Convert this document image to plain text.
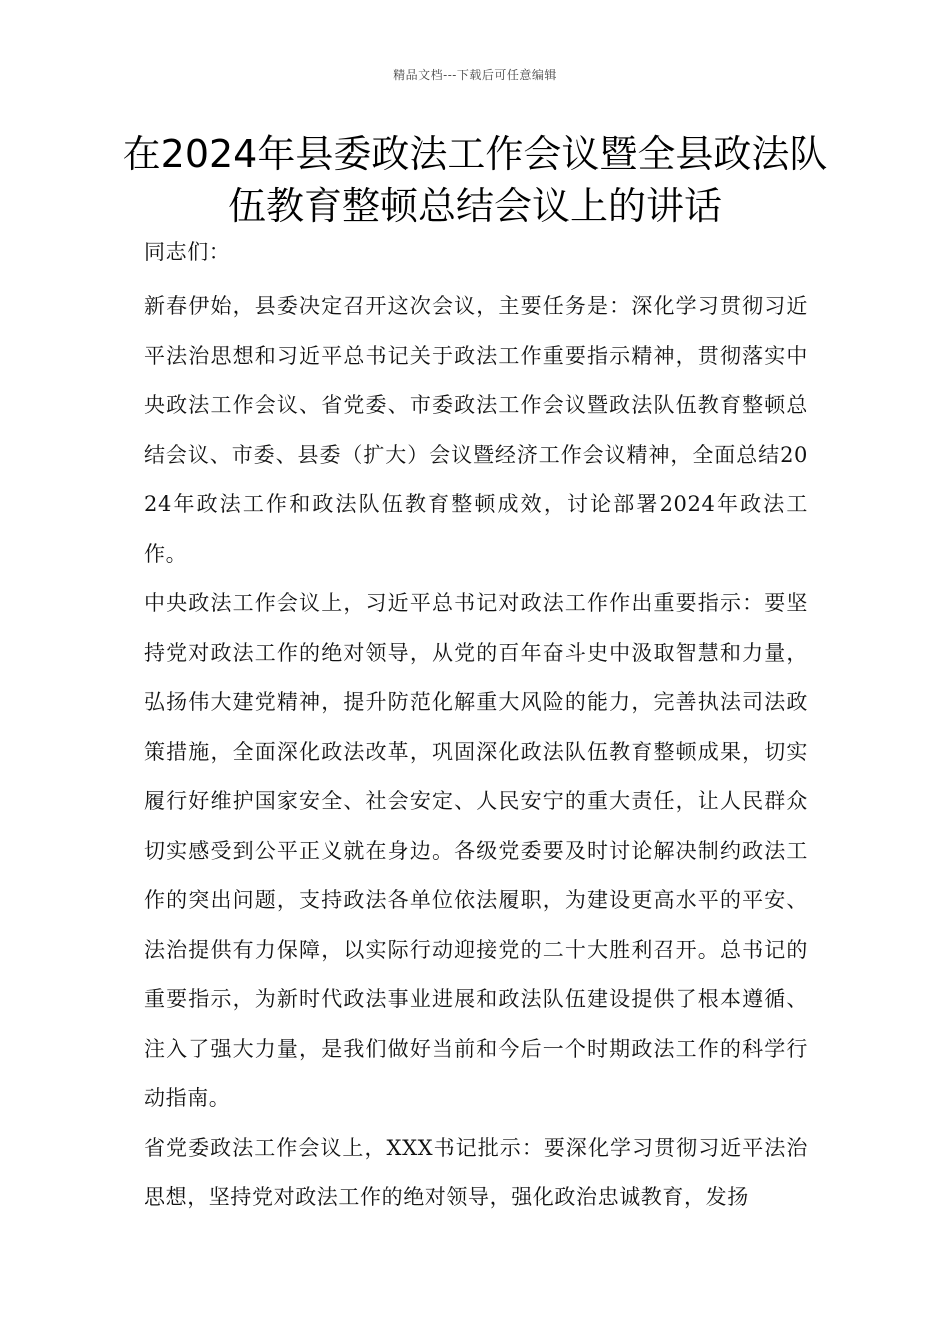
精品文档---下载后可任意编辑
在2024年县委政法工作会议暨全县政法队伍教育整顿总结会议上的讲话

同志们：

新春伊始，县委决定召开这次会议，主要任务是：深化学习贯彻习近平法治思想和习近平总书记关于政法工作重要指示精神，贯彻落实中央政法工作会议、省党委、市委政法工作会议暨政法队伍教育整顿总结会议、市委、县委（扩大）会议暨经济工作会议精神，全面总结2024年政法工作和政法队伍教育整顿成效，讨论部署2024年政法工作。

中央政法工作会议上，习近平总书记对政法工作作出重要指示：要坚持党对政法工作的绝对领导，从党的百年奋斗史中汲取智慧和力量，弘扬伟大建党精神，提升防范化解重大风险的能力，完善执法司法政策措施，全面深化政法改革，巩固深化政法队伍教育整顿成果，切实履行好维护国家安全、社会安定、人民安宁的重大责任，让人民群众切实感受到公平正义就在身边。各级党委要及时讨论解决制约政法工作的突出问题，支持政法各单位依法履职，为建设更高水平的平安、法治提供有力保障，以实际行动迎接党的二十大胜利召开。总书记的重要指示，为新时代政法事业进展和政法队伍建设提供了根本遵循、注入了强大力量，是我们做好当前和今后一个时期政法工作的科学行动指南。

省党委政法工作会议上，XXX书记批示：要深化学习贯彻习近平法治思想，坚持党对政法工作的绝对领导，强化政治忠诚教育，发扬
